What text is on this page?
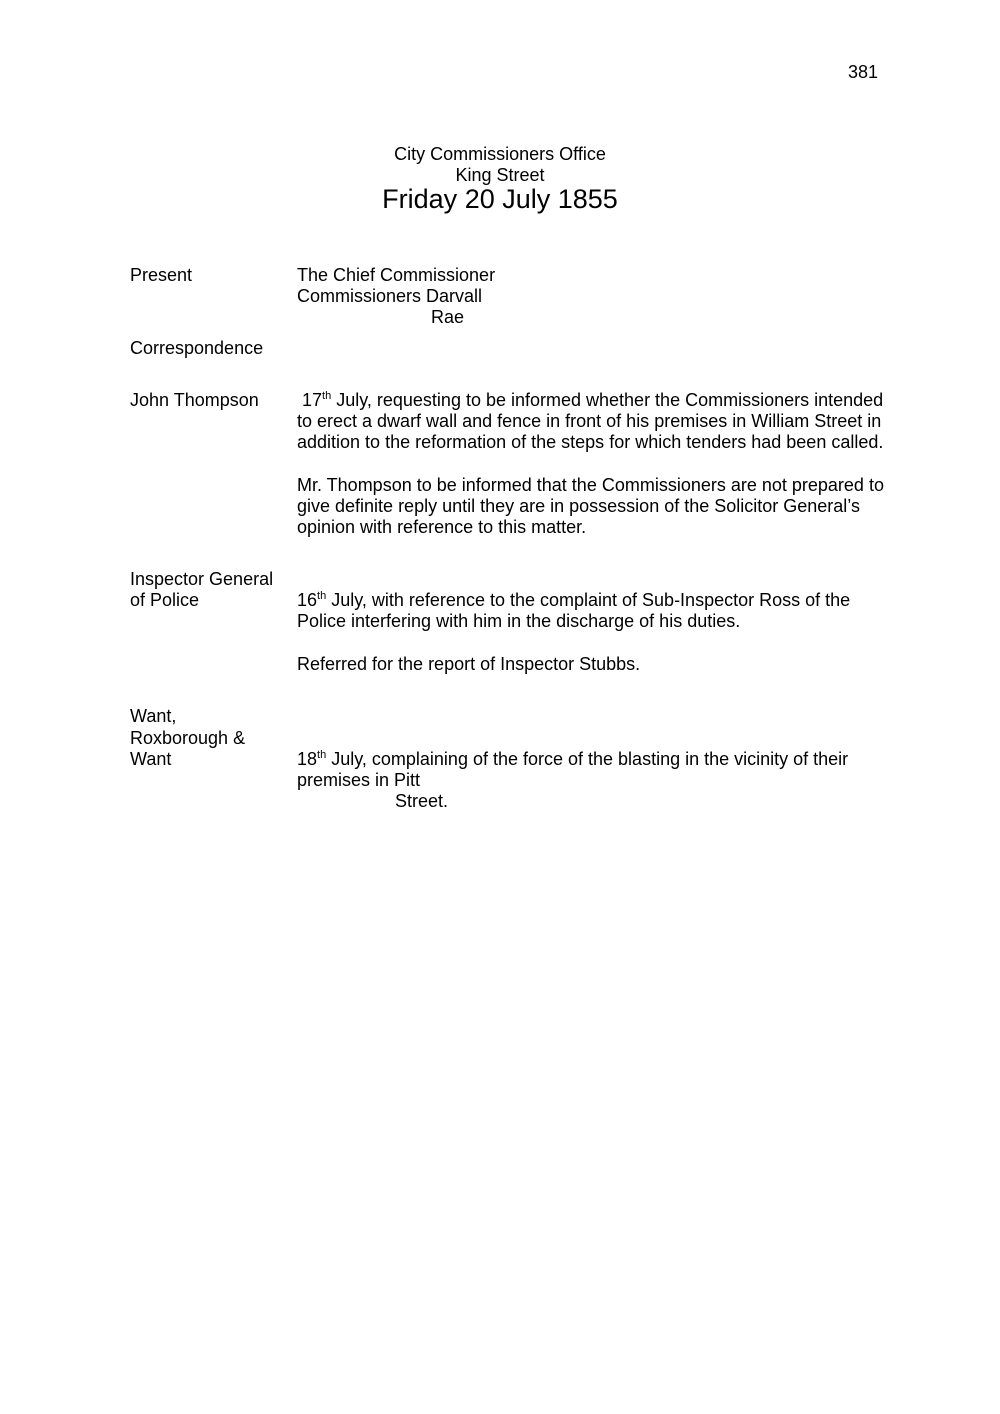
381
City Commissioners Office
King Street
Friday 20 July 1855
Present	The Chief Commissioner
Commissioners Darvall
Rae
Correspondence
John Thompson 17th July, requesting to be informed whether the Commissioners intended
to erect a dwarf wall and fence in front of his premises in William Street in
addition to the reformation of the steps for which tenders had been called.
Mr. Thompson to be informed that the Commissioners are not prepared to
give definite reply until they are in possession of the Solicitor General’s
opinion with reference to this matter.
Inspector General
of Police	16th July, with reference to the complaint of Sub-Inspector Ross of the
Police interfering with him in the discharge of his duties.
Referred for the report of Inspector Stubbs.
Want,
Roxborough &
Want	18th July, complaining of the force of the blasting in the vicinity of their
premises in Pitt
Street.
